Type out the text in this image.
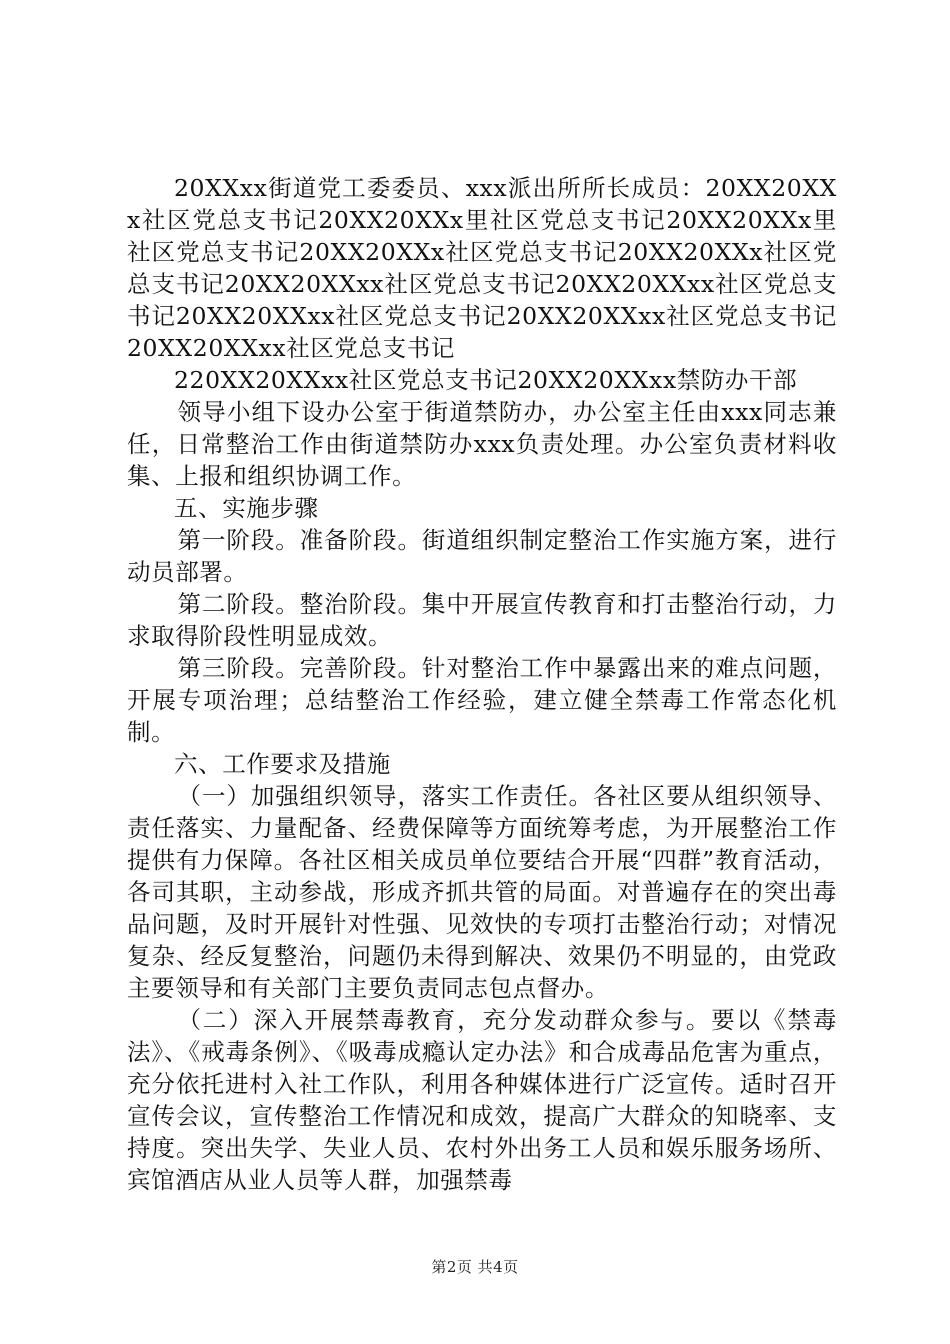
20XXxx街道党工委委员、xxx派出所所长成员：20XX20XXx社区党总支书记20XX20XXx里社区党总支书记20XX20XXx里社区党总支书记20XX20XXx社区党总支书记20XX20XXx社区党总支书记20XX20XXxx社区党总支书记20XX20XXxx社区党总支书记20XX20XXxx社区党总支书记20XX20XXxx社区党总支书记20XX20XXxx社区党总支书记

220XX20XXxx社区党总支书记20XX20XXxx禁防办干部

领导小组下设办公室于街道禁防办，办公室主任由xxx同志兼任，日常整治工作由街道禁防办xxx负责处理。办公室负责材料收集、上报和组织协调工作。

五、实施步骤

第一阶段。准备阶段。街道组织制定整治工作实施方案，进行动员部署。

第二阶段。整治阶段。集中开展宣传教育和打击整治行动，力求取得阶段性明显成效。

第三阶段。完善阶段。针对整治工作中暴露出来的难点问题，开展专项治理；总结整治工作经验，建立健全禁毒工作常态化机制。

六、工作要求及措施

（一）加强组织领导，落实工作责任。各社区要从组织领导、责任落实、力量配备、经费保障等方面统筹考虑，为开展整治工作提供有力保障。各社区相关成员单位要结合开展“四群”教育活动，各司其职，主动参战，形成齐抓共管的局面。对普遍存在的突出毒品问题，及时开展针对性强、见效快的专项打击整治行动；对情况复杂、经反复整治，问题仍未得到解决、效果仍不明显的，由党政主要领导和有关部门主要负责同志包点督办。

（二）深入开展禁毒教育，充分发动群众参与。要以《禁毒法》、《戒毒条例》、《吸毒成瘾认定办法》和合成毒品危害为重点，充分依托进村入社工作队，利用各种媒体进行广泛宣传。适时召开宣传会议，宣传整治工作情况和成效，提高广大群众的知晓率、支持度。突出失学、失业人员、农村外出务工人员和娱乐服务场所、宾馆酒店从业人员等人群，加强禁毒

第2页 共4页
